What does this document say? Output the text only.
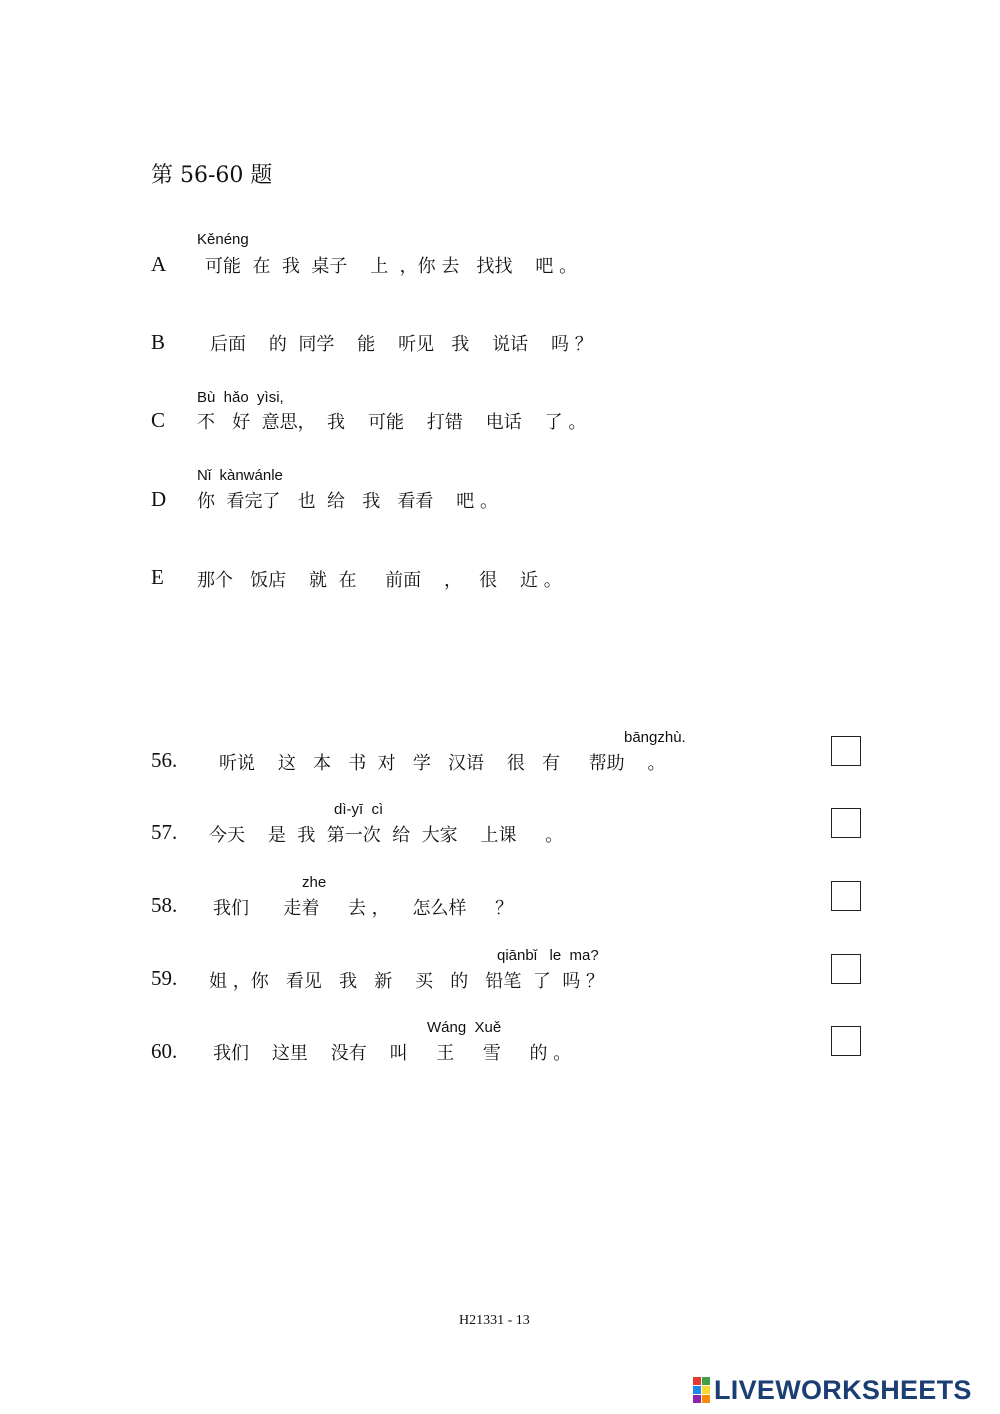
第 56-60 题
Kěnéng
A 可能  在  我  桌子    上  ，你 去   找找    吧 。
B 后面    的  同学    能    听见   我    说话    吗 ？
Bù  hǎo  yìsi,
C 不   好  意思，  我    可能    打错    电话    了 。
Nǐ  kànwánle
D 你  看完了   也  给   我   看看    吧 。
E 那个   饭店    就  在     前面    ，   很    近 。
bāngzhù.
56. 听说    这   本   书  对   学   汉语    很   有     帮助    。
dì-yī  cì
57. 今天    是  我  第一次  给  大家    上课     。
zhe
58. 我们      走着     去 ，    怎么样     ？
qiānbǐ   le  ma?
59. 姐 ，你   看见   我   新    买   的   铅笔  了  吗 ？
Wáng  Xuě
60. 我们    这里    没有    叫     王     雪     的 。
H21331 - 13
LIVEWORKSHEETS
